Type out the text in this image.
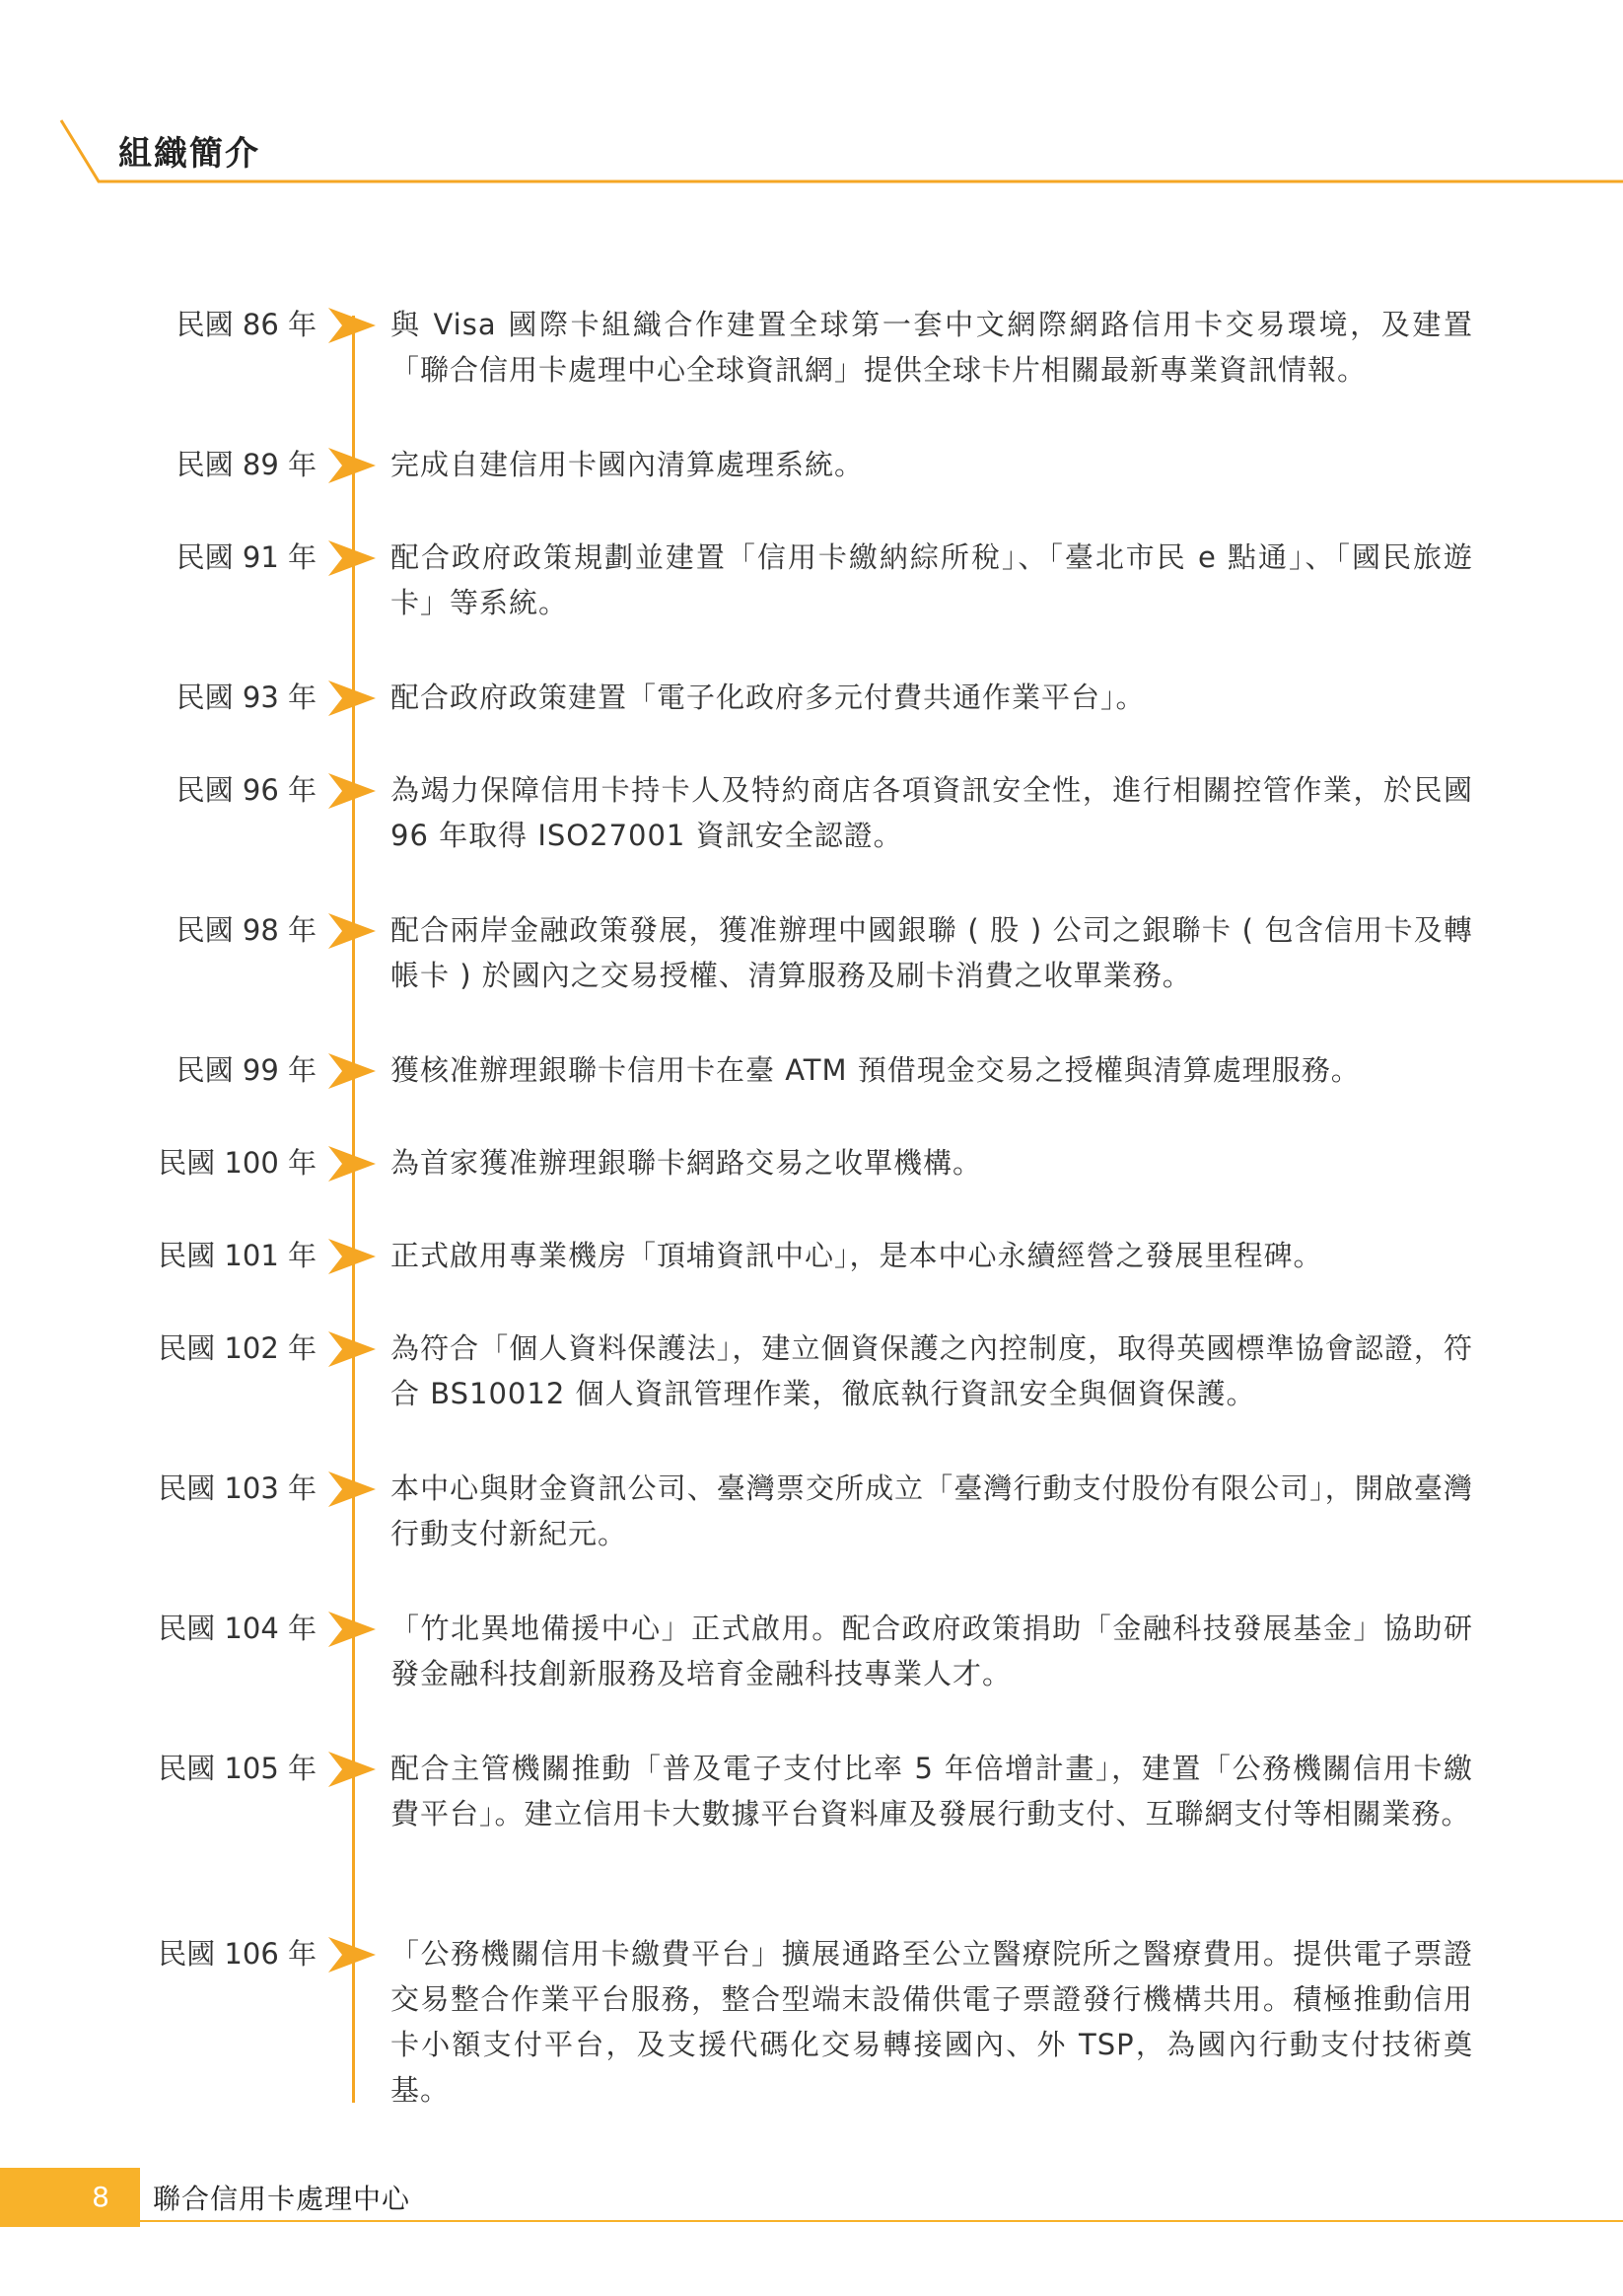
組織簡介
民國 86 年	與 Visa 國際卡組織合作建置全球第一套中文網際網路信用卡交易環境，及建置「聯合信用卡處理中心全球資訊網」提供全球卡片相關最新專業資訊情報。
民國 89 年	完成自建信用卡國內清算處理系統。
民國 91 年	配合政府政策規劃並建置「信用卡繳納綜所稅」、「臺北市民 e 點通」、「國民旅遊卡」等系統。
民國 93 年	配合政府政策建置「電子化政府多元付費共通作業平台」。
民國 96 年	為竭力保障信用卡持卡人及特約商店各項資訊安全性，進行相關控管作業，於民國 96 年取得 ISO27001 資訊安全認證。
民國 98 年	配合兩岸金融政策發展，獲准辦理中國銀聯 ( 股 ) 公司之銀聯卡 ( 包含信用卡及轉帳卡 ) 於國內之交易授權、清算服務及刷卡消費之收單業務。
民國 99 年	獲核准辦理銀聯卡信用卡在臺 ATM 預借現金交易之授權與清算處理服務。
民國 100 年	為首家獲准辦理銀聯卡網路交易之收單機構。
民國 101 年	正式啟用專業機房「頂埔資訊中心」，是本中心永續經營之發展里程碑。
民國 102 年	為符合「個人資料保護法」，建立個資保護之內控制度，取得英國標準協會認證，符合 BS10012 個人資訊管理作業，徹底執行資訊安全與個資保護。
民國 103 年	本中心與財金資訊公司、臺灣票交所成立「臺灣行動支付股份有限公司」，開啟臺灣行動支付新紀元。
民國 104 年	「竹北異地備援中心」正式啟用。配合政府政策捐助「金融科技發展基金」協助研發金融科技創新服務及培育金融科技專業人才。
民國 105 年	配合主管機關推動「普及電子支付比率 5 年倍增計畫」，建置「公務機關信用卡繳費平台」。建立信用卡大數據平台資料庫及發展行動支付、互聯網支付等相關業務。
民國 106 年	「公務機關信用卡繳費平台」擴展通路至公立醫療院所之醫療費用。提供電子票證交易整合作業平台服務，整合型端末設備供電子票證發行機構共用。積極推動信用卡小額支付平台，及支援代碼化交易轉接國內、外 TSP，為國內行動支付技術奠基。
8	聯合信用卡處理中心
